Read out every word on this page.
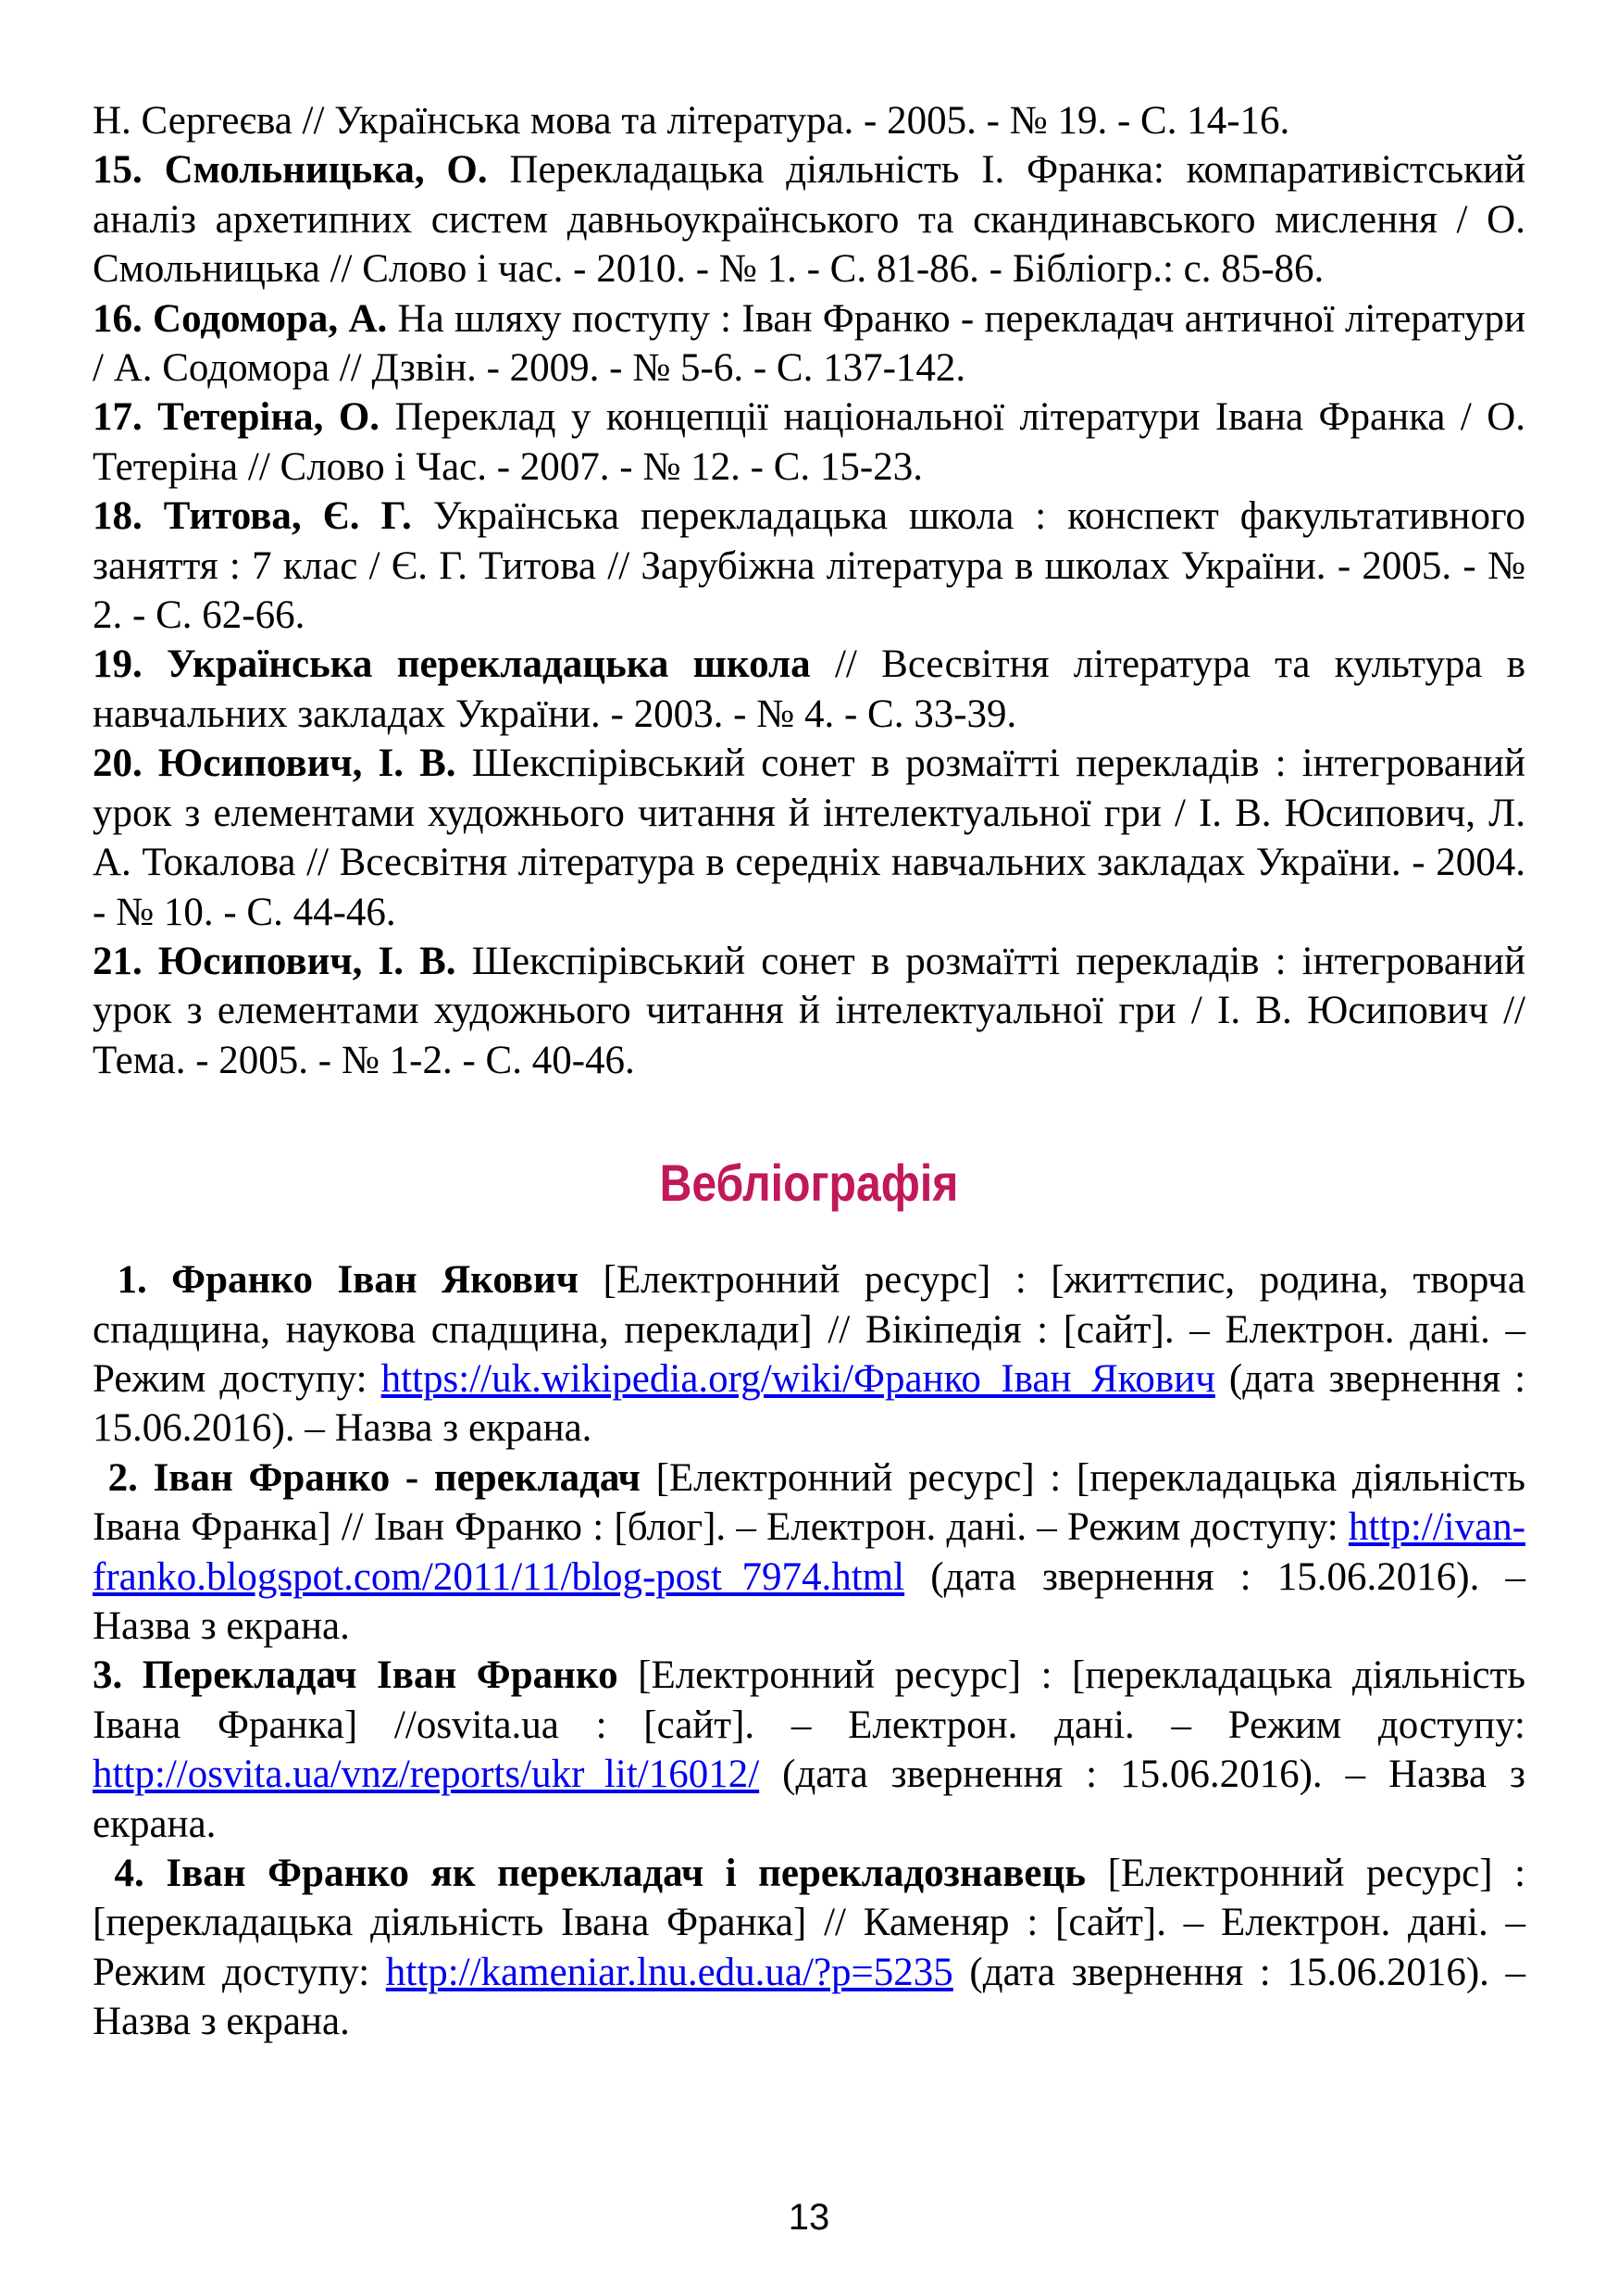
Н. Сергеєва // Українська мова та література. - 2005. - № 19. - С. 14-16.

15. Смольницька, О. Перекладацька діяльність І. Франка: компаративістський аналіз архетипних систем давньоукраїнського та скандинавського мислення / О. Смольницька // Слово і час. - 2010. - № 1. - С. 81-86. - Бібліогр.: с. 85-86.

16. Содомора, А. На шляху поступу : Іван Франко - перекладач античної літератури / А. Содомора // Дзвін. - 2009. - № 5-6. - С. 137-142.

17. Тетеріна, О. Переклад у концепції національної літератури Івана Франка / О. Тетеріна // Слово і Час. - 2007. - № 12. - С. 15-23.

18. Титова, Є. Г. Українська перекладацька школа : конспект факультативного заняття : 7 клас / Є. Г. Титова // Зарубіжна література в школах України. - 2005. - № 2. - С. 62-66.

19. Українська перекладацька школа // Всесвітня література та культура в навчальних закладах України. - 2003. - № 4. - С. 33-39.

20. Юсипович, І. В. Шекспірівський сонет в розмаїтті перекладів : інтегрований урок з елементами художнього читання й інтелектуальної гри / І. В. Юсипович, Л. А. Токалова // Всесвітня література в середніх навчальних закладах України. - 2004. - № 10. - С. 44-46.

21. Юсипович, І. В. Шекспірівський сонет в розмаїтті перекладів : інтегрований урок з елементами художнього читання й інтелектуальної гри / І. В. Юсипович // Тема. - 2005. - № 1-2. - С. 40-46.

Вебліографія

1. Франко Іван Якович [Електронний ресурс] : [життєпис, родина, творча спадщина, наукова спадщина, переклади] // Вікіпедія : [сайт]. – Електрон. дані. – Режим доступу: https://uk.wikipedia.org/wiki/Франко_Іван_Якович (дата звернення : 15.06.2016). – Назва з екрана.

2. Іван Франко - перекладач [Електронний ресурс] : [перекладацька діяльність Івана Франка] // Іван Франко : [блог]. – Електрон. дані. – Режим доступу: http://ivan-franko.blogspot.com/2011/11/blog-post_7974.html (дата звернення : 15.06.2016). – Назва з екрана.

3. Перекладач Іван Франко [Електронний ресурс] : [перекладацька діяльність Івана Франка] //osvita.ua : [сайт]. – Електрон. дані. – Режим доступу: http://osvita.ua/vnz/reports/ukr_lit/16012/ (дата звернення : 15.06.2016). – Назва з екрана.

4. Іван Франко як перекладач і перекладознавець [Електронний ресурс] : [перекладацька діяльність Івана Франка] // Каменяр : [сайт]. – Електрон. дані. – Режим доступу: http://kameniar.lnu.edu.ua/?p=5235 (дата звернення : 15.06.2016). – Назва з екрана.

13
